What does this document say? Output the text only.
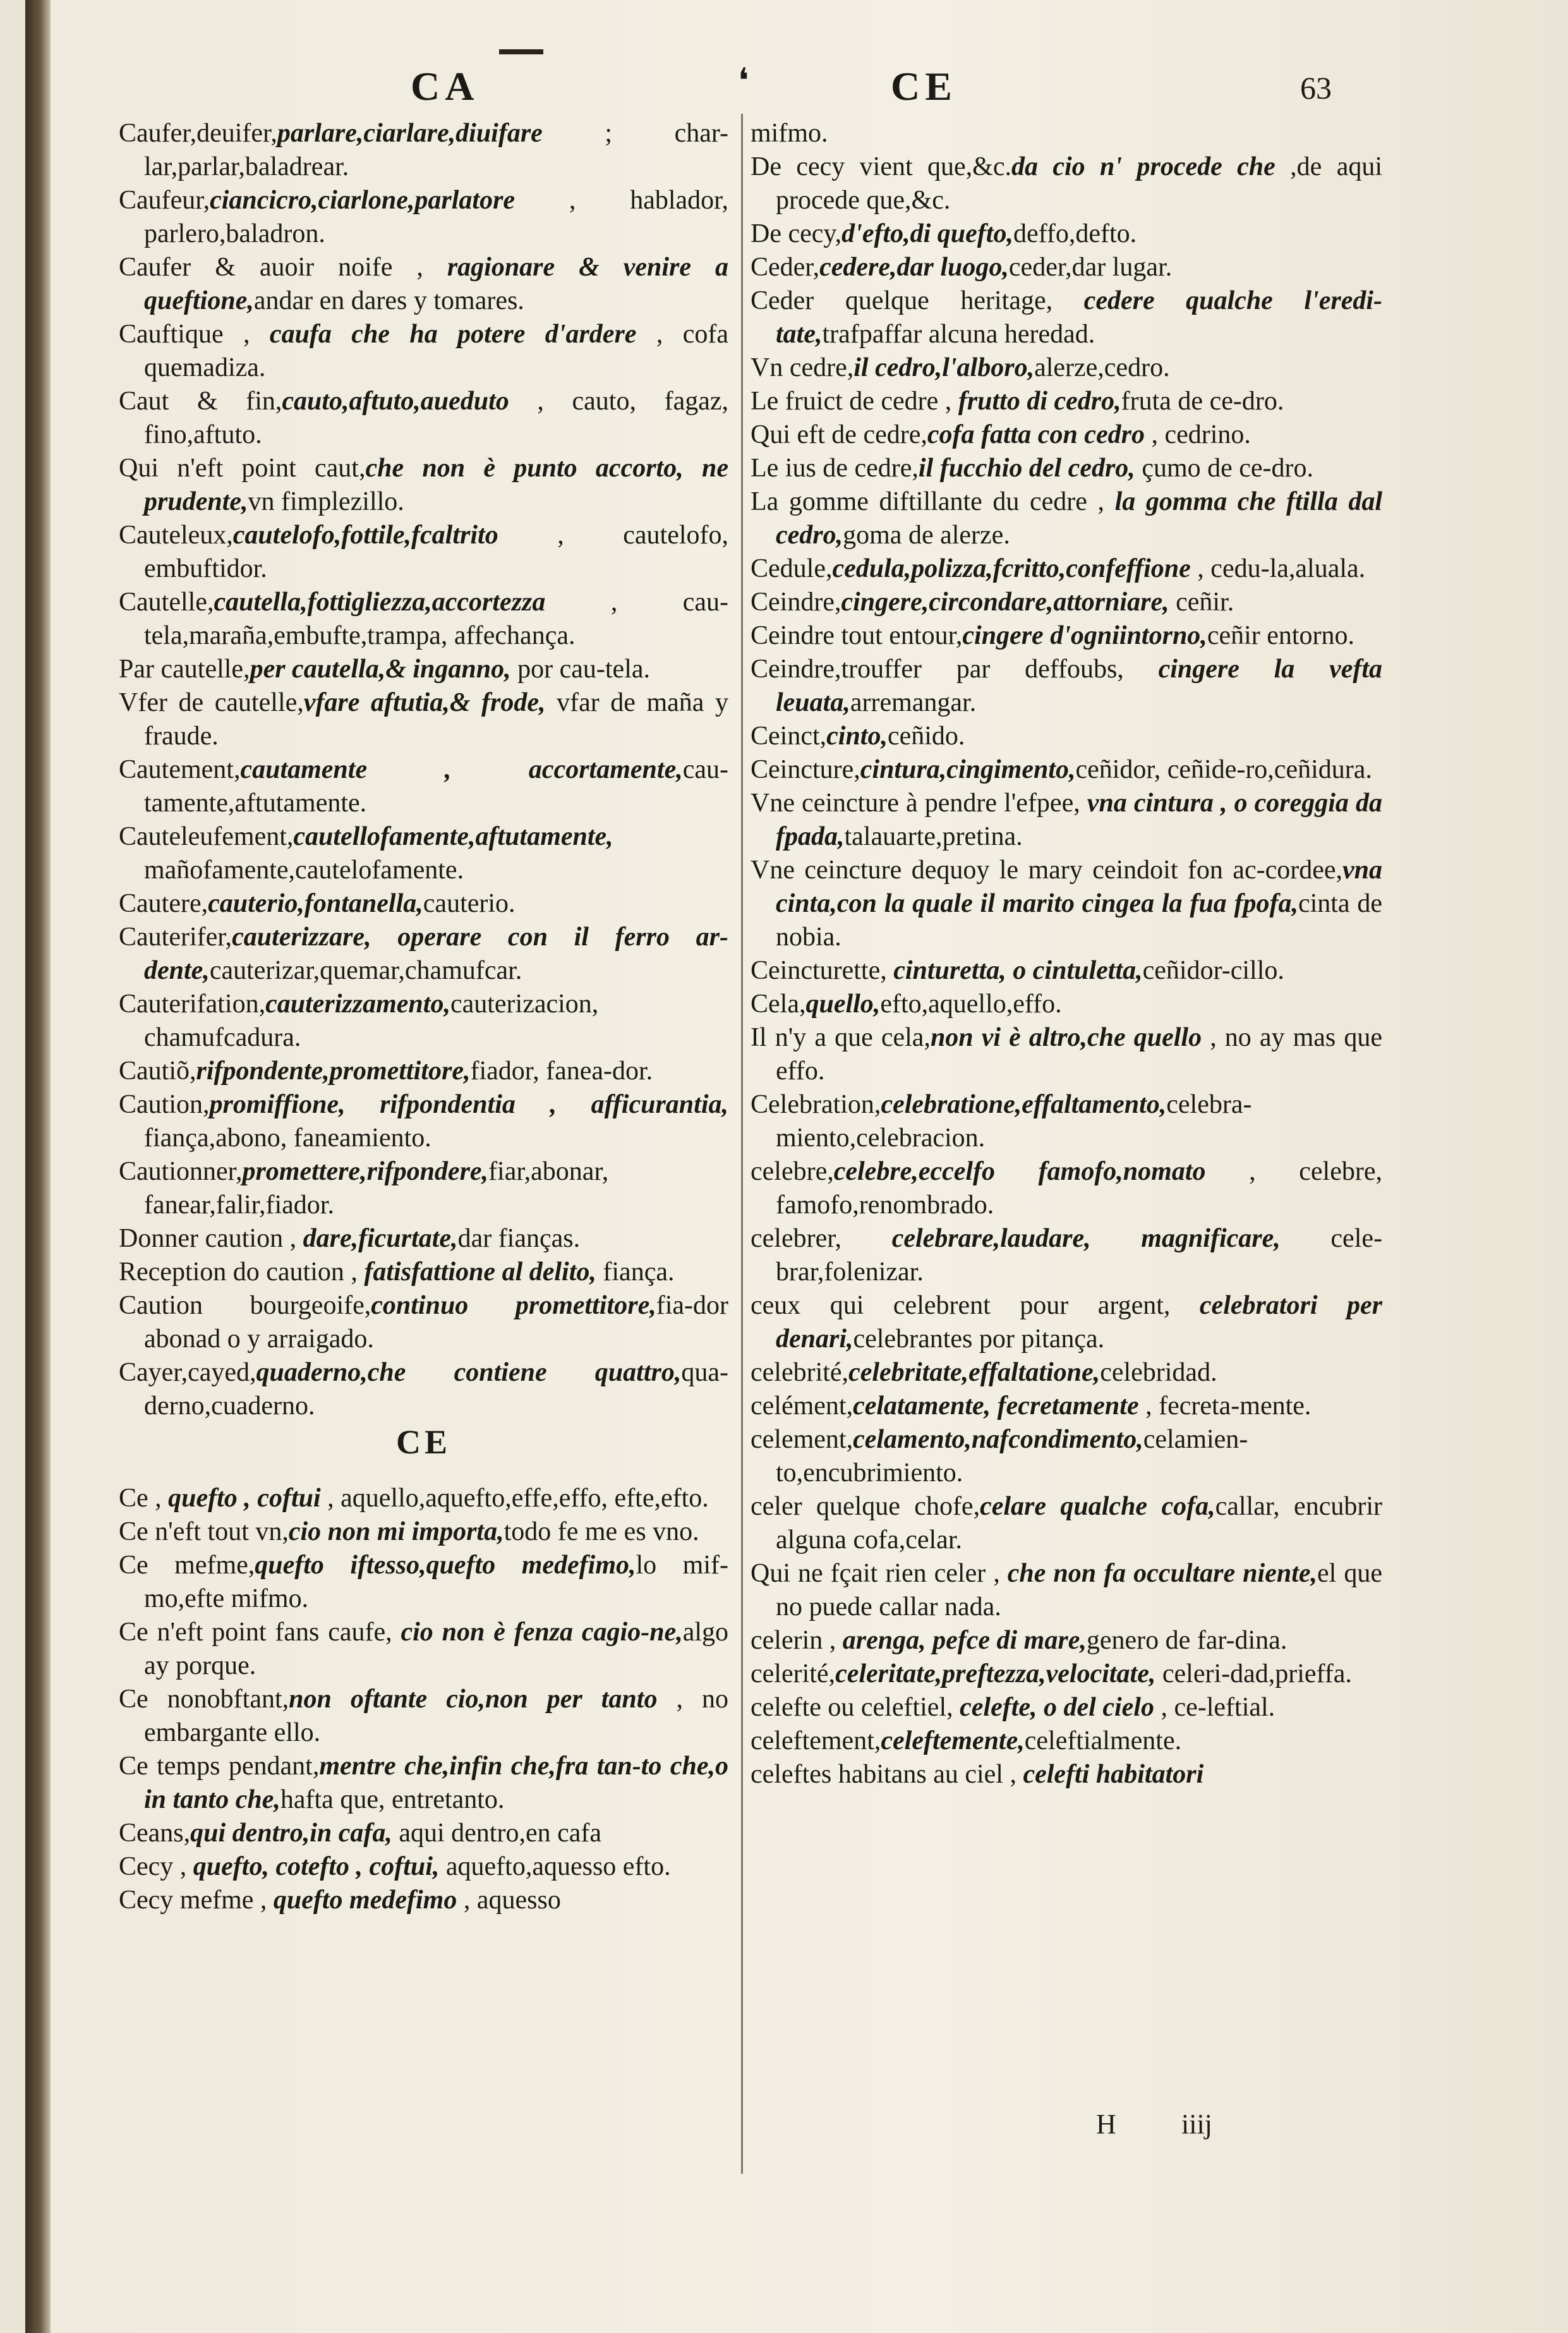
CA	❛	CE	63
Caufer,deuifer,parlare,ciarlare,diuifare ; char-lar,parlar,baladrear.
Caufeur,ciancicro,ciarlone,parlatore , hablador, parlero,baladron.
Caufer & auoir noife , ragionare & venire a queftione,andar en dares y tomares.
Cauftique , caufa che ha potere d'ardere , cofa quemadiza.
Caut & fin,cauto,aftuto,aueduto , cauto, fagaz, fino,aftuto.
Qui n'eft point caut,che non è punto accorto, ne prudente,vn fimplezillo.
Cauteleux,cautelofo,fottile,fcaltrito , cautelofo, embuftidor.
Cautelle,cautella,fottigliezza,accortezza , cau-tela,maraña,embufte,trampa, affechança.
Par cautelle,per cautella,& inganno, por cau-tela.
Vfer de cautelle,vfare aftutia,& frode, vfar de maña y fraude.
Cautement,cautamente , accortamente,cau-tamente,aftutamente.
Cauteleufement,cautellofamente,aftutamente, mañofamente,cautelofamente.
Cautere,cauterio,fontanella,cauterio.
Cauterifer,cauterizzare, operare con il ferro ar-dente,cauterizar,quemar,chamufcar.
Cauterifation,cauterizzamento,cauterizacion, chamufcadura.
Cautiõ,rifpondente,promettitore,fiador, fanea-dor.
Caution,promiffione, rifpondentia , afficurantia, fiança,abono, faneamiento.
Cautionner,promettere,rifpondere,fiar,abonar, fanear,falir,fiador.
Donner caution , dare,ficurtate,dar fianças.
Reception do caution , fatisfattione al delito, fiança.
Caution bourgeoife,continuo promettitore,fia-dor abonad o y arraigado.
Cayer,cayed,quaderno,che contiene quattro,qua-derno,cuaderno.
CE
Ce , quefto , coftui , aquello,aquefto,effe,effo, efte,efto.
Ce n'eft tout vn,cio non mi importa,todo fe me es vno.
Ce mefme,quefto iftesso,quefto medefimo,lo mif-mo,efte mifmo.
Ce n'eft point fans caufe, cio non è fenza cagio-ne,algo ay porque.
Ce nonobftant,non oftante cio,non per tanto , no embargante ello.
Ce temps pendant,mentre che,infin che,fra tan-to che,o in tanto che,hafta que, entretanto.
Ceans,qui dentro,in cafa, aqui dentro,en cafa
Cecy , quefto, cotefto , coftui, aquefto,aquesso efto.
Cecy mefme , quefto medefimo , aquesso
mifmo.
De cecy vient que,&c.da cio n' procede che ,de aqui procede que,&c.
De cecy,d'efto,di quefto,deffo,defto.
Ceder,cedere,dar luogo,ceder,dar lugar.
Ceder quelque heritage, cedere qualche l'eredi-tate,trafpaffar alcuna heredad.
Vn cedre,il cedro,l'alboro,alerze,cedro.
Le fruict de cedre , frutto di cedro,fruta de ce-dro.
Qui eft de cedre,cofa fatta con cedro , cedrino.
Le ius de cedre,il fucchio del cedro, çumo de ce-dro.
La gomme diftillante du cedre , la gomma che ftilla dal cedro,goma de alerze.
Cedule,cedula,polizza,fcritto,confeffione , cedu-la,aluala.
Ceindre,cingere,circondare,attorniare, ceñir.
Ceindre tout entour,cingere d'ogniintorno,ceñir entorno.
Ceindre,trouffer par deffoubs, cingere la vefta leuata,arremangar.
Ceinct,cinto,ceñido.
Ceincture,cintura,cingimento,ceñidor, ceñide-ro,ceñidura.
Vne ceincture à pendre l'efpee, vna cintura , o coreggia da fpada,talauarte,pretina.
Vne ceincture dequoy le mary ceindoit fon ac-cordee,vna cinta,con la quale il marito cingea la fua fpofa,cinta de nobia.
Ceincturette, cinturetta, o cintuletta,ceñidor-cillo.
Cela,quello,efto,aquello,effo.
Il n'y a que cela,non vi è altro,che quello , no ay mas que effo.
Celebration,celebratione,effaltamento,celebra-miento,celebracion.
celebre,celebre,eccelfo famofo,nomato , celebre, famofo,renombrado.
celebrer, celebrare,laudare, magnificare, cele-brar,folenizar.
ceux qui celebrent pour argent, celebratori per denari,celebrantes por pitança.
celebrité,celebritate,effaltatione,celebridad.
celément,celatamente, fecretamente , fecreta-mente.
celement,celamento,nafcondimento,celamien-to,encubrimiento.
celer quelque chofe,celare qualche cofa,callar, encubrir alguna cofa,celar.
Qui ne fçait rien celer , che non fa occultare niente,el que no puede callar nada.
celerin , arenga, pefce di mare,genero de far-dina.
celerité,celeritate,preftezza,velocitate, celeri-dad,prieffa.
celefte ou celeftiel, celefte, o del cielo , ce-leftial.
celeftement,celeftemente,celeftialmente.
celeftes habitans au ciel , celefti habitatori
H iiij
